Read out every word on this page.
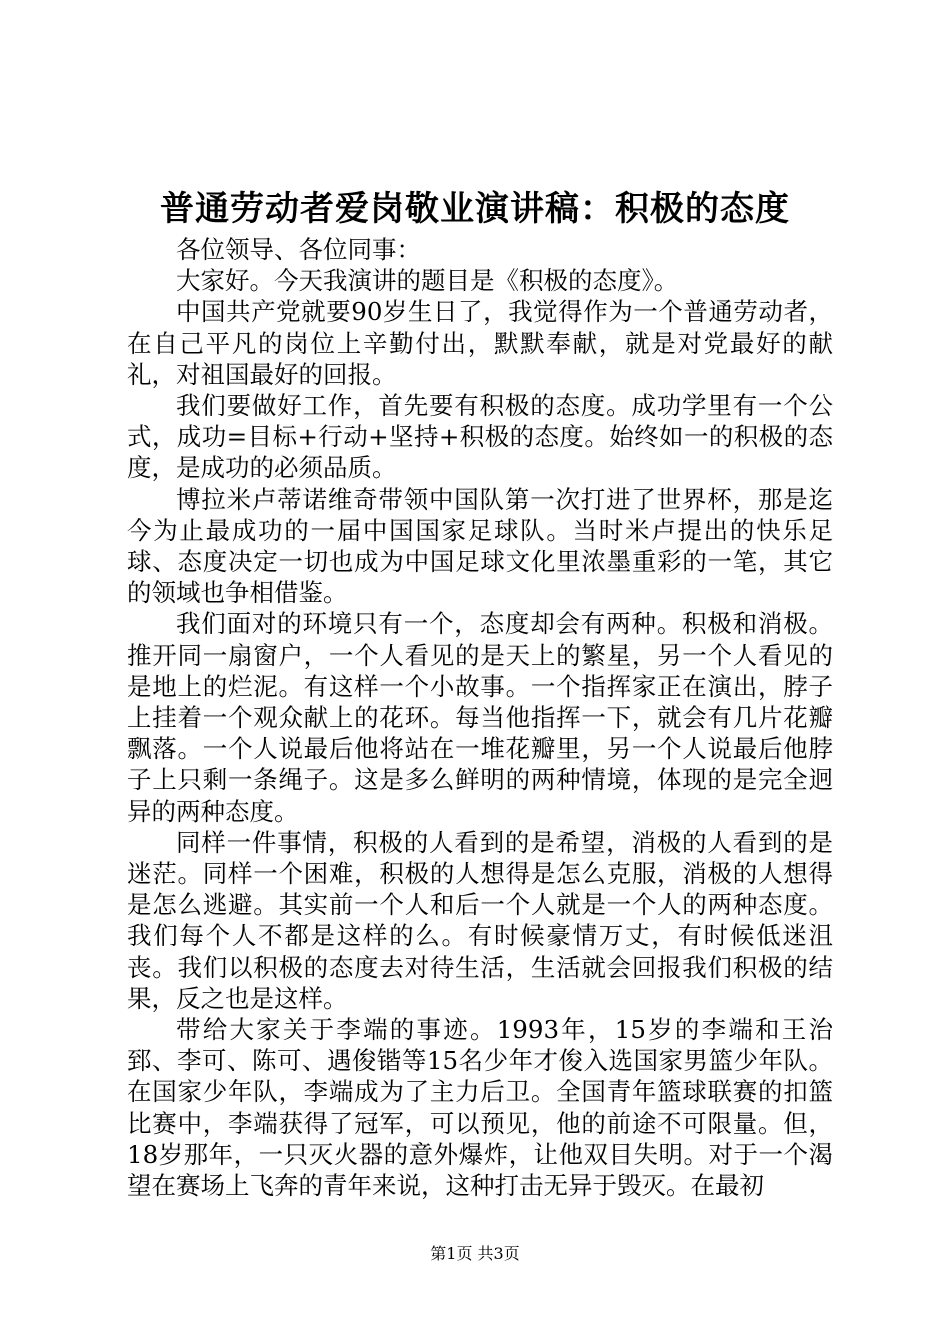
普通劳动者爱岗敬业演讲稿：积极的态度

各位领导、各位同事：

大家好。今天我演讲的题目是《积极的态度》。

中国共产党就要90岁生日了，我觉得作为一个普通劳动者，在自己平凡的岗位上辛勤付出，默默奉献，就是对党最好的献礼，对祖国最好的回报。

我们要做好工作，首先要有积极的态度。成功学里有一个公式，成功=目标+行动+坚持+积极的态度。始终如一的积极的态度，是成功的必须品质。

博拉米卢蒂诺维奇带领中国队第一次打进了世界杯，那是迄今为止最成功的一届中国国家足球队。当时米卢提出的快乐足球、态度决定一切也成为中国足球文化里浓墨重彩的一笔，其它的领域也争相借鉴。

我们面对的环境只有一个，态度却会有两种。积极和消极。推开同一扇窗户，一个人看见的是天上的繁星，另一个人看见的是地上的烂泥。有这样一个小故事。一个指挥家正在演出，脖子上挂着一个观众献上的花环。每当他指挥一下，就会有几片花瓣飘落。一个人说最后他将站在一堆花瓣里，另一个人说最后他脖子上只剩一条绳子。这是多么鲜明的两种情境，体现的是完全迥异的两种态度。

同样一件事情，积极的人看到的是希望，消极的人看到的是迷茫。同样一个困难，积极的人想得是怎么克服，消极的人想得是怎么逃避。其实前一个人和后一个人就是一个人的两种态度。我们每个人不都是这样的么。有时候豪情万丈，有时候低迷沮丧。我们以积极的态度去对待生活，生活就会回报我们积极的结果，反之也是这样。

带给大家关于李端的事迹。1993年，15岁的李端和王治郅、李可、陈可、遇俊锴等15名少年才俊入选国家男篮少年队。在国家少年队，李端成为了主力后卫。全国青年篮球联赛的扣篮比赛中，李端获得了冠军，可以预见，他的前途不可限量。但，18岁那年，一只灭火器的意外爆炸，让他双目失明。对于一个渴望在赛场上飞奔的青年来说，这种打击无异于毁灭。在最初

第1页 共3页
